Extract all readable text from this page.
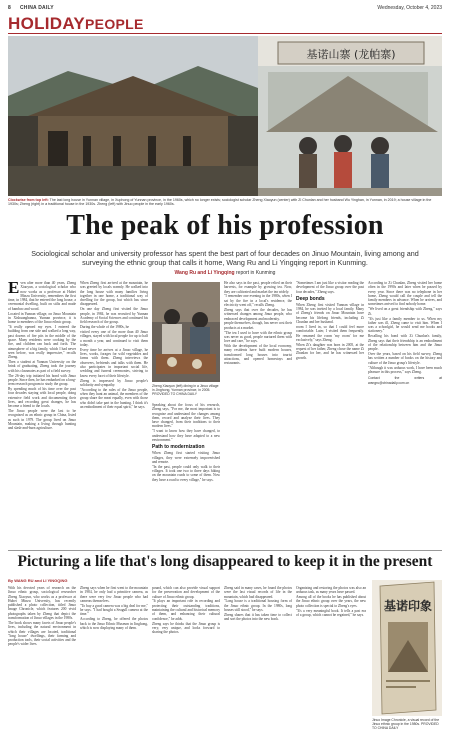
8 CHINA DAILY	Wednesday, October 4, 2023
HOLIDAYPEOPLE
基诺山寨 (龙帕寨)
Clockwise from top left: The last long house in Yunnan village, in Xuphong of Yunnan province, in the 1960s, which no longer exists; sociologist scholar Zheng Xiaoyun (center) with Zi Chunlan and her husband Wu Yinghan, in Yunnan, in 2019; a house village in the 1930s; Zheng (right) in a traditional house in the 1930s. Zheng (left) with Jinuo people in the early 1960s.
The peak of his profession
Sociological scholar and university professor has spent the best part of four decades on Jinuo Mountain, living among and surveying the ethnic group that calls it home, Wang Ru and Li Yingqing report in Kunming.
Wang Ru and Li Yingqing report in Kunming

Even after more than 40 years, Zheng Xiaoyun, a sociological scholar who now works as a professor at Hubei Minzu University, remembers the first time, in 1984, that he entered the long house, a ceremonial dwelling, built on stilts and made of bamboo and wood.

Located in Yunnan village, on Jinuo Mountain in Xishuangbanna, Yunnan province, it is home to members of the Jinuo ethnic group.

"It really opened my eyes. I entered the building from one side and walked a long way, past dozens of fire pits in the middle of the space. Many residents were cooking by the fire, and children ran back and forth. The atmosphere of a big family, which I had never seen before, was really impressive," recalls Zheng.

Then a student at Yunnan University on the brink of graduating, Zheng took the journey with his classmates as part of a field survey.

The 26-day trip initiated his bond with Jinuo people. Since then, he has embarked on a long-term research program to study the group.

By spending much of his time over the past four decades staying with local people, doing extensive field work and documenting their lives, and recording great changes, he has become a friend to the locals.

The Jinuo people were the last to be recognized as an ethnic group in China, listed as such in 1979. The group lived on Jinuo Mountain, making a living through hunting and slash-and-burn agriculture.

When Zheng first arrived at the mountain, he was greeted by locals warmly. He walked into the long house with many families living together in one home, a traditional way of dwelling for the group, but which has since disappeared.

On one day Zheng first visited the Jinuo people, in 1984, he was recruited by Yunnan Academy of Social Sciences and continued his field research of the group.

During the whole of the 1980s, he

visited every one of the more than 40 Jinuo villages, stayed with local people for up to half a month a year, and continued to visit them today.

Every time he arrives at a Jinuo village, he lives, works, forages for wild vegetables and farms with them. Zheng interviews the observers, befriends and talks with them. He also participates in important social life, wedding and funeral ceremonies, striving to know every facet of their lifestyle.

Zheng is impressed by Jinuo people's solidarity and sympathy.

"According to the rules of the Jinuo people, when they hunt an animal, the members of the group share the meat equally, even with those who didn't take part in the hunting. I think it's an embodiment of their equal spirit," he says.

Zheng Xiaoyun (left) dining in a Jinuo village in Jinghong, Yunnan province, in 2005. PROVIDED TO CHINA DAILY

Speaking about the focus of his research, Zheng says, "For me, the most important is to recognize and understand the changes among them, record and analyze their lives. They have changed, from their traditions to their modern lives."

"I want to know how they have changed, to understand how they have adapted to a new environment."

Path to modernization

When Zheng first started visiting Jinuo villages, they were extremely impoverished and remote.

"In the past, people could only walk to their villages. It took one two to three days hiking on the mountain roads to some of them. Now they have a road to every village," he says.

He also says in the past, people relied on their harvests, for example by growing tea. Now, they are cultivated and market the tea widely.

"I remember one evening in the 1980s, when I sat by the fire in a local's residence, the electricity went off," recalls Zheng.

Zheng says that over the decades, he has witnessed changes among Jinuo people, who embraced development and modernity.

people themselves, though, has never cost their products at a market.

"The tea I used to have with the ethnic group was never as good, people nurtured them with love and care," he says.

With the development of the local economy, many residents have built modern houses, transformed long houses into tourist attractions, and opened homestays and restaurants.

"Sometimes I am just like a visitor reading the development of the Jinuo group over the past four decades," Zheng says.

Deep bonds

When Zheng first visited Yunnan village in 1984, he was invited by a local family. Many of Zheng's friends on Jinuo Mountain have become his lifelong friends, including Zi Chunlan and her husband.

room I lived in, so that I could feel more comfortable. Later, I visited them frequently. He renamed the room 'my room' for me exclusively," says Zheng.

When Zi's daughter was born in 2005, at the request of her father, Zheng chose the name Zi Zhanlan for her, and he has witnessed her growth.

According to Zi Chunlan, Zheng visited her home often in the 1990s and later when he passed by every year. Since there was no telephone in her home, Zheng would call the couple and tell the family members in advance. When he arrives, and sometimes arrived to find nobody home.

"We lived on a great friendship with Zheng," says Zi.

"It's just like a family member to us. When my father was ill, Zheng came to visit him. When I was a schoolgirl, he would send me books and stationery."

Recalling his bond with Zi Chunlan's family, Zheng says that their friendship is an embodiment of the relationship between him and the Jinuo people.

Over the years, based on his field survey, Zheng has written a number of books on the history and culture of the Jinuo group's lifestyle.

"Although it was arduous work, I have been much pleasure in this process," says Zheng.

Contact the writers at wangru@chinadaily.com.cn

Picturing a life that's long disappeared to keep it in the present
By WANG RU and LI YINGQING

With his devoted years of research on the Jinuo ethnic group, sociological researcher Zheng Xiaoyun, who works as a professor at Hubei Minzu University, has recently published a photo collection, titled Jinuo Image Chronicle, which features 200 vivid photographs taken by Zheng that depict the transformation of Jinuo villages in the 1980s.

The book shows many facets of Jinuo people's lives, including the natural environment in which their villages are located, traditional "long house" dwellings, their farming and production tools, their social activities and the people's wider lives.

Zheng says when he first went to the mountain in 1984, he only had a primitive camera, as there were very few Jinuo people who had cameras themselves.

"To buy a good camera was a big deal for me," he says. "I had bought a Seagull camera at the time."

According to Zheng, he offered the photos back to the Jinuo Ethnic Museum in Jinghong, which is now displaying many of them.

pound, which can also provide visual support for the preservation and development of the culture of Jinuo ethnic group.

"It plays an important role in recording and protecting their outstanding traditions, maintaining the cultural and historical memory of them, and enhancing their cultural confidence," he adds.

Zheng says he thinks that the Jinuo group is very, very unique, and looks forward to sharing the photos.

Zheng said in many cases, he found the photos were the last visual records of life in the mountain, which had disappeared.

"Long house is a traditional housing form of the Jinuo ethnic group. In the 1980s, long houses still stood," he says.

Zheng shares that it has taken time to collect and sort the photos into the new book.

Organizing and restoring the photos was also an arduous task, as many years have passed.

Among all of the books he has published about the Jinuo ethnic group over the years, the new photo collection is special to Zheng's eyes.

"It's a very meaningful book. It tells a past era of a group, which cannot be regained," he says.

基诺印象
Jinuo Image Chronicle, a visual record of the Jinuo ethnic group in the 1980s. PROVIDED TO CHINA DAILY
